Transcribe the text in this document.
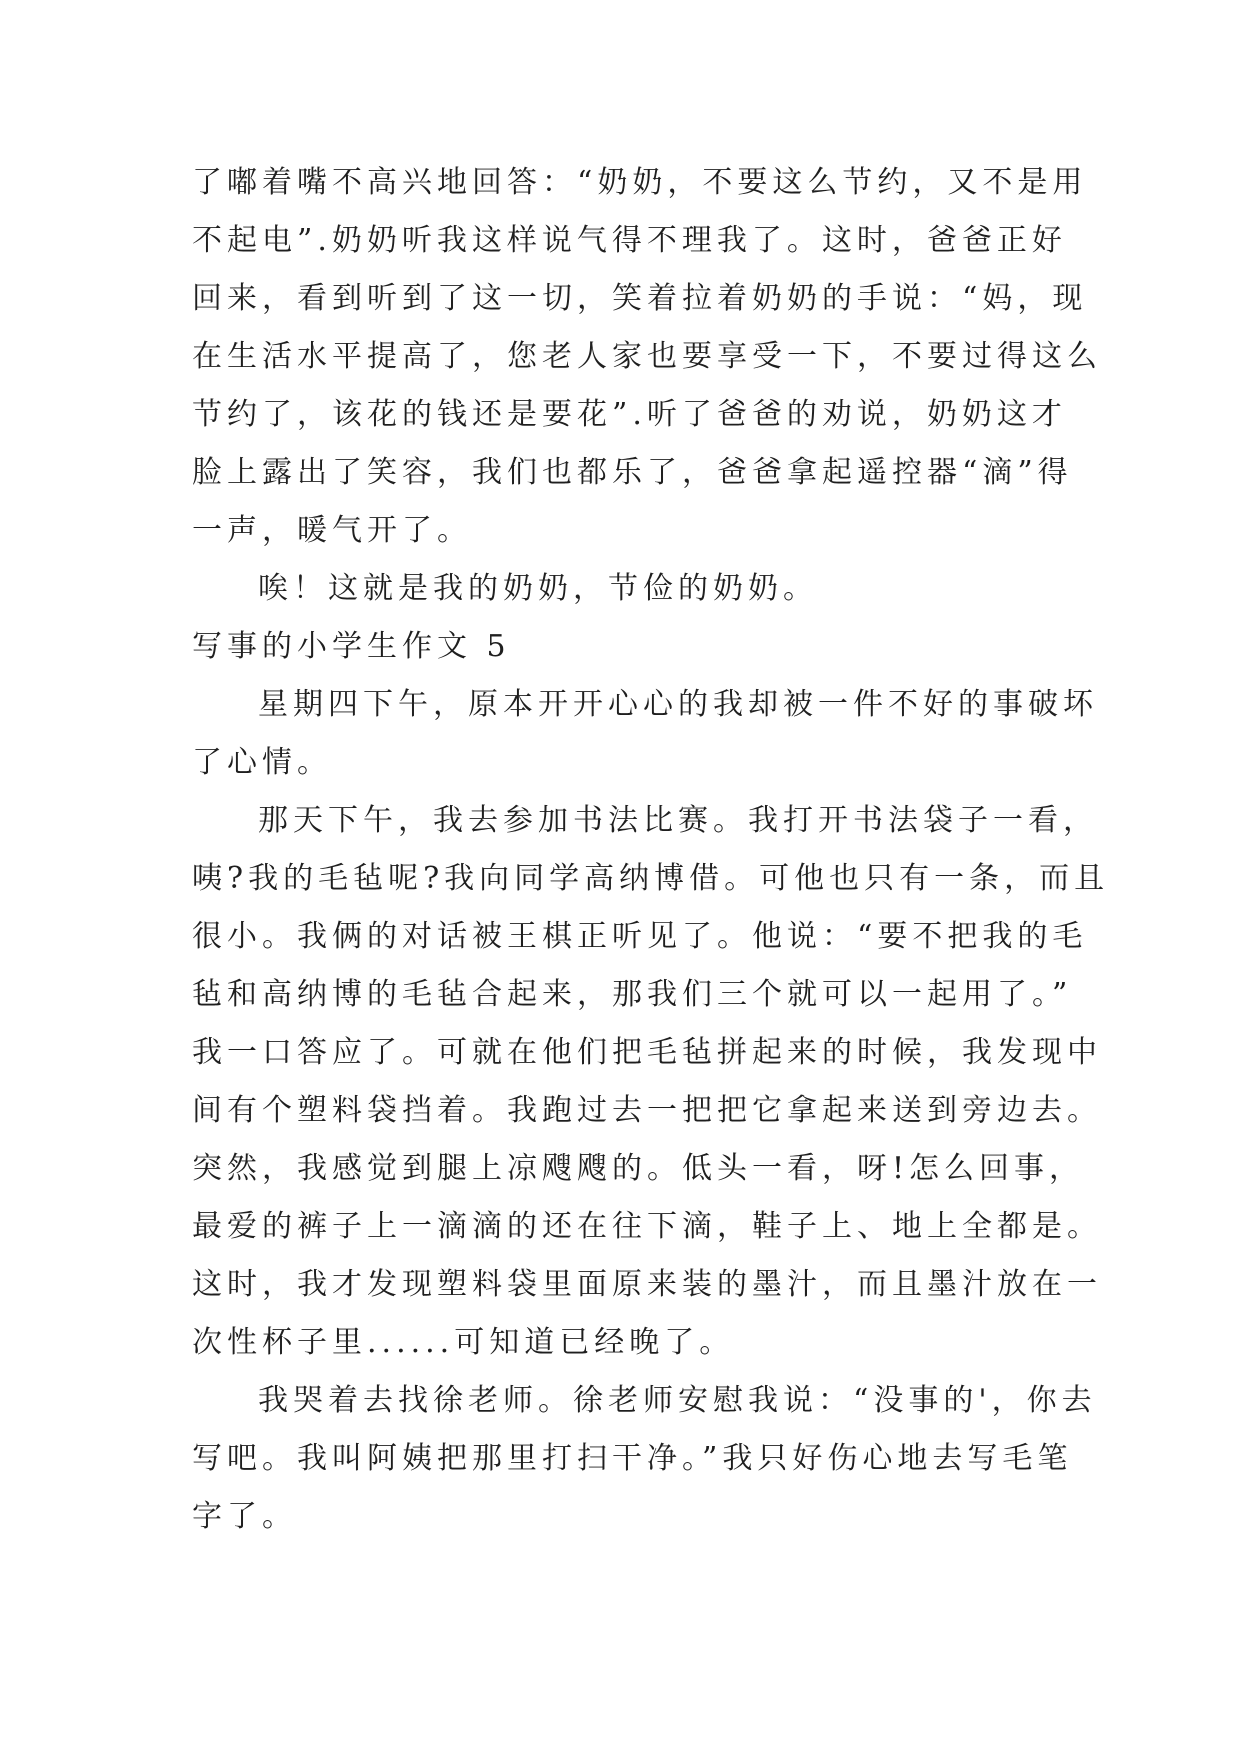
了嘟着嘴不高兴地回答：“奶奶，不要这么节约，又不是用
不起电”.奶奶听我这样说气得不理我了。这时，爸爸正好
回来，看到听到了这一切，笑着拉着奶奶的手说：“妈，现
在生活水平提高了，您老人家也要享受一下，不要过得这么
节约了，该花的钱还是要花”.听了爸爸的劝说，奶奶这才
脸上露出了笑容，我们也都乐了，爸爸拿起遥控器“滴”得
一声，暖气开了。
唉！这就是我的奶奶，节俭的奶奶。
写事的小学生作文 5
星期四下午，原本开开心心的我却被一件不好的事破坏
了心情。
那天下午，我去参加书法比赛。我打开书法袋子一看，
咦?我的毛毡呢?我向同学高纳博借。可他也只有一条，而且
很小。我俩的对话被王棋正听见了。他说：“要不把我的毛
毡和高纳博的毛毡合起来，那我们三个就可以一起用了。”
我一口答应了。可就在他们把毛毡拼起来的时候，我发现中
间有个塑料袋挡着。我跑过去一把把它拿起来送到旁边去。
突然，我感觉到腿上凉飕飕的。低头一看，呀!怎么回事，
最爱的裤子上一滴滴的还在往下滴，鞋子上、地上全都是。
这时，我才发现塑料袋里面原来装的墨汁，而且墨汁放在一
次性杯子里......可知道已经晚了。
我哭着去找徐老师。徐老师安慰我说：“没事的'，你去
写吧。我叫阿姨把那里打扫干净。”我只好伤心地去写毛笔
字了。
